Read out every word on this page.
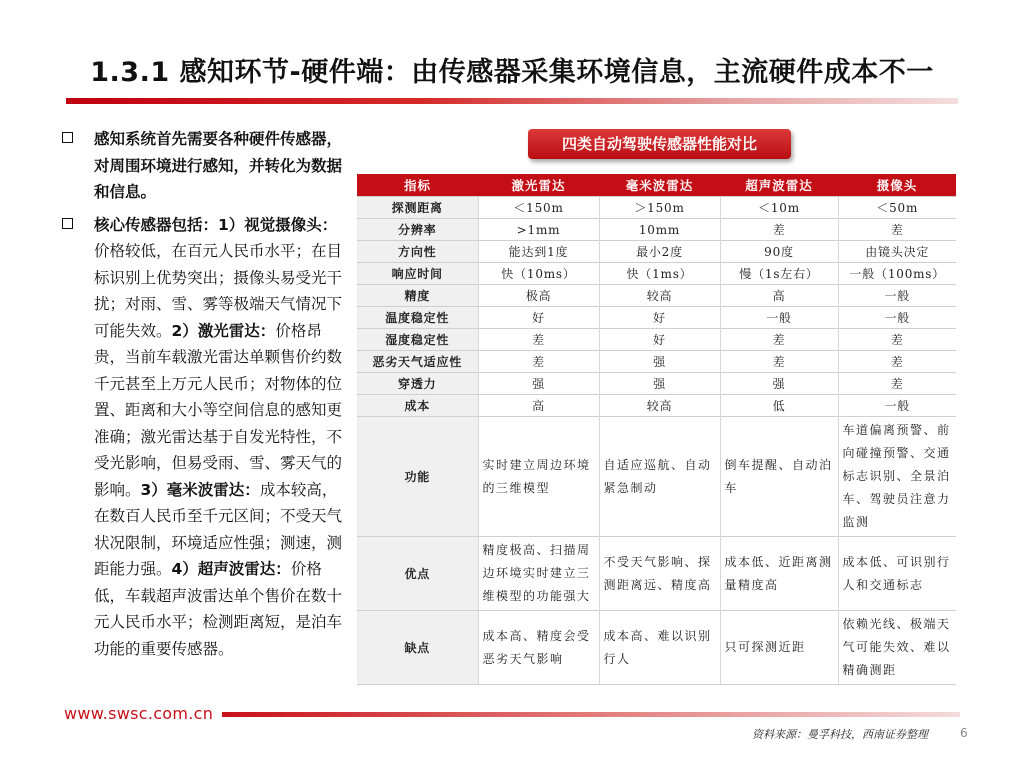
1.3.1 感知环节-硬件端：由传感器采集环境信息，主流硬件成本不一
感知系统首先需要各种硬件传感器，对周围环境进行感知，并转化为数据和信息。
核心传感器包括：1）视觉摄像头：价格较低，在百元人民币水平；在目标识别上优势突出；摄像头易受光干扰；对雨、雪、雾等极端天气情况下可能失效。2）激光雷达：价格昂贵，当前车载激光雷达单颗售价约数千元甚至上万元人民币；对物体的位置、距离和大小等空间信息的感知更准确；激光雷达基于自发光特性，不受光影响，但易受雨、雪、雾天气的影响。3）毫米波雷达：成本较高，在数百人民币至千元区间；不受天气状况限制，环境适应性强；测速，测距能力强。4）超声波雷达：价格低，车载超声波雷达单个售价在数十元人民币水平；检测距离短，是泊车功能的重要传感器。
四类自动驾驶传感器性能对比
指标	激光雷达	毫米波雷达	超声波雷达	摄像头
探测距离	＜150m	＞150m	＜10m	＜50m
分辨率	>1mm	10mm	差	差
方向性	能达到1度	最小2度	90度	由镜头决定
响应时间	快（10ms）	快（1ms）	慢（1s左右）	一般（100ms）
精度	极高	较高	高	一般
温度稳定性	好	好	一般	一般
湿度稳定性	差	好	差	差
恶劣天气适应性	差	强	差	差
穿透力	强	强	强	差
成本	高	较高	低	一般
功能	实时建立周边环境的三维模型	自适应巡航、自动紧急制动	倒车提醒、自动泊车	车道偏离预警、前向碰撞预警、交通标志识别、全景泊车、驾驶员注意力监测
优点	精度极高、扫描周边环境实时建立三维模型的功能强大	不受天气影响、探测距离远、精度高	成本低、近距离测量精度高	成本低、可识别行人和交通标志
缺点	成本高、精度会受恶劣天气影响	成本高、难以识别行人	只可探测近距	依赖光线、极端天气可能失效、难以精确测距
www.swsc.com.cn
资料来源：曼孚科技，西南证券整理	6
